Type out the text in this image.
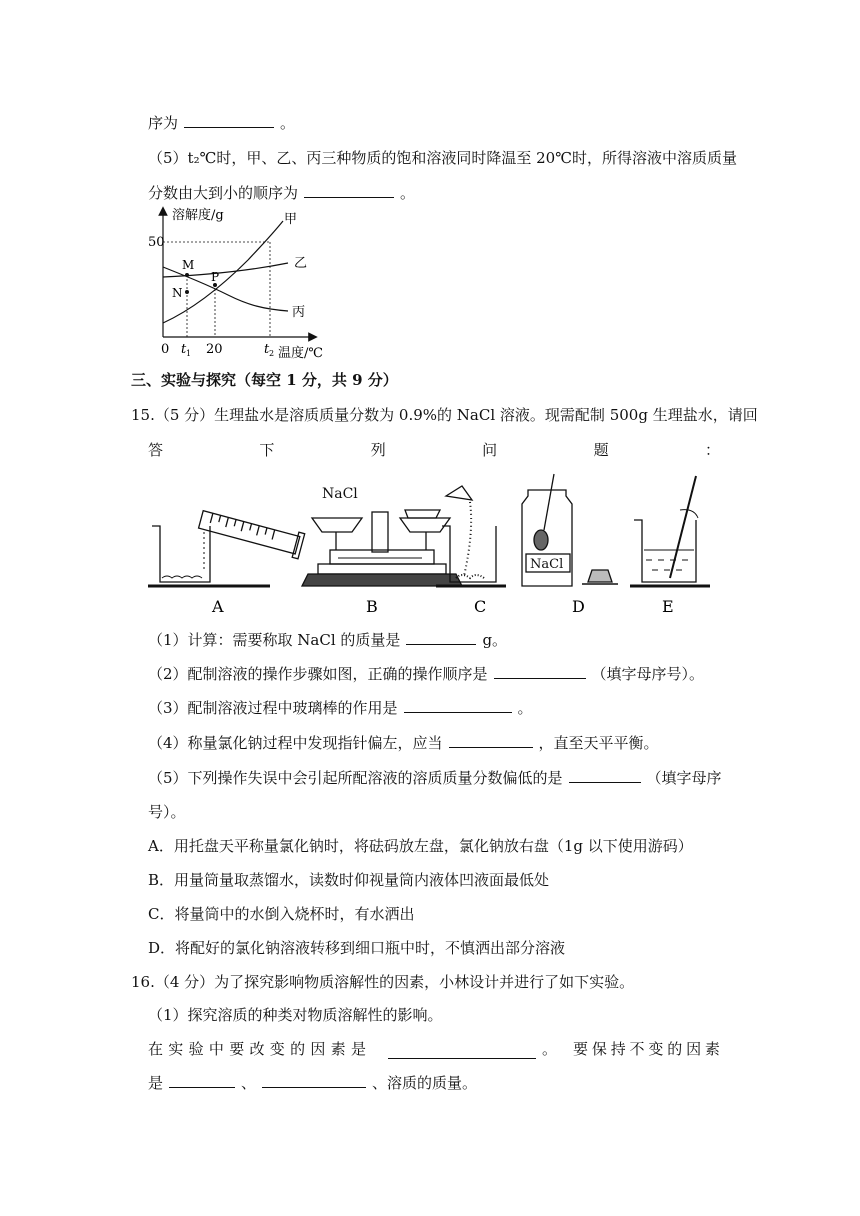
序为	。
（5）t₂℃时，甲、乙、丙三种物质的饱和溶液同时降温至 20℃时，所得溶液中溶质质量
分数由大到小的顺序为	。
溶解度/g
50
甲
乙
丙
M
N
P
0 t 1 20	t 2 温度/℃
三、实验与探究（每空 1 分，共 9 分）
15.（5 分）生理盐水是溶质质量分数为 0.9%的 NaCl 溶液。现需配制 500g 生理盐水，请回
答	下	列	问	题	：
NaCl
NaCl
A	B	C	D	E
（1）计算：需要称取 NaCl 的质量是	g。
（2）配制溶液的操作步骤如图，正确的操作顺序是	（填字母序号）。
（3）配制溶液过程中玻璃棒的作用是	。
（4）称量氯化钠过程中发现指针偏左，应当	，直至天平平衡。
（5）下列操作失误中会引起所配溶液的溶质质量分数偏低的是	（填字母序
号）。
A．用托盘天平称量氯化钠时，将砝码放左盘，氯化钠放右盘（1g 以下使用游码）
B．用量筒量取蒸馏水，读数时仰视量筒内液体凹液面最低处
C．将量筒中的水倒入烧杯时，有水洒出
D．将配好的氯化钠溶液转移到细口瓶中时，不慎洒出部分溶液
16.（4 分）为了探究影响物质溶解性的因素，小林设计并进行了如下实验。
（1）探究溶质的种类对物质溶解性的影响。
在 实 验 中 要 改 变 的 因 素 是	。 要 保 持 不 变 的 因 素
是	、	、溶质的质量。
